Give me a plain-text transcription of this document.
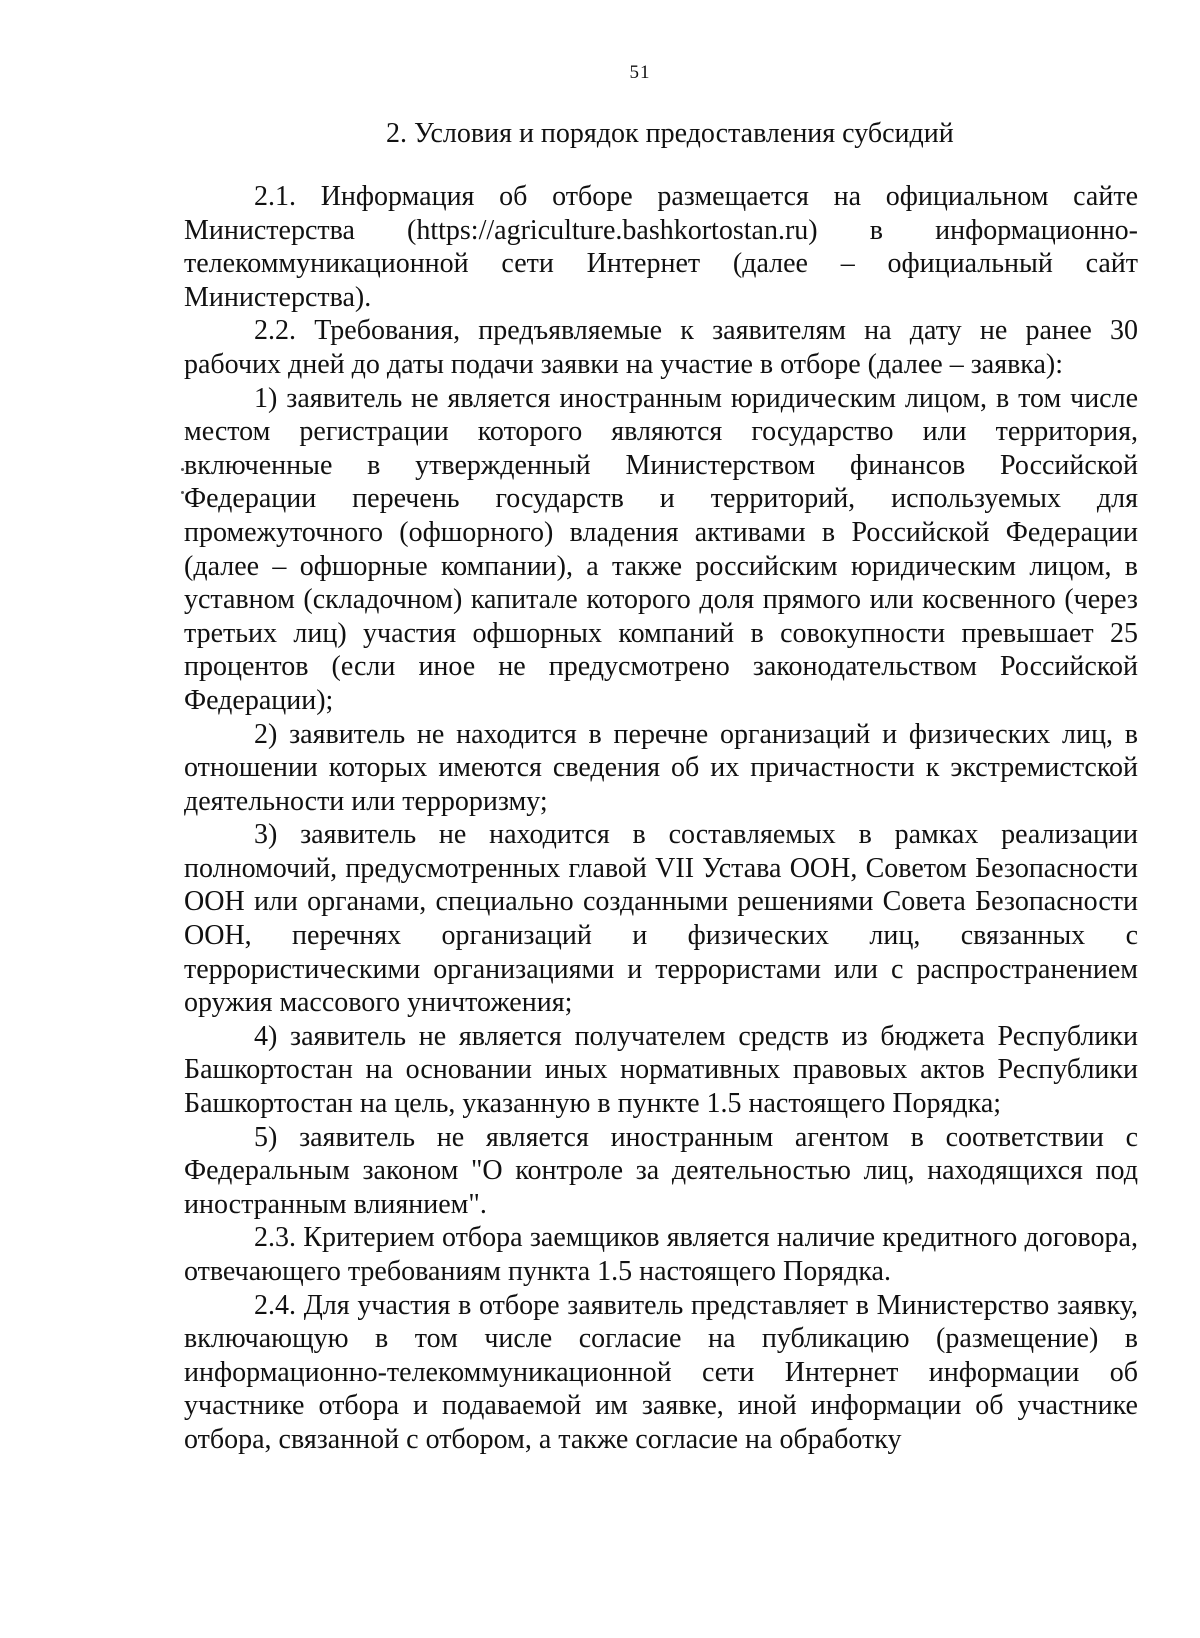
51
2. Условия и порядок предоставления субсидий

2.1. Информация об отборе размещается на официальном сайте Министерства (https://agriculture.bashkortostan.ru) в информационно-телекоммуникационной сети Интернет (далее – официальный сайт Министерства).

2.2. Требования, предъявляемые к заявителям на дату не ранее 30 рабочих дней до даты подачи заявки на участие в отборе (далее – заявка):

1) заявитель не является иностранным юридическим лицом, в том числе местом регистрации которого являются государство или территория, включенные в утвержденный Министерством финансов Российской Федерации перечень государств и территорий, используемых для промежуточного (офшорного) владения активами в Российской Федерации (далее – офшорные компании), а также российским юридическим лицом, в уставном (складочном) капитале которого доля прямого или косвенного (через третьих лиц) участия офшорных компаний в совокупности превышает 25 процентов (если иное не предусмотрено законодательством Российской Федерации);

2) заявитель не находится в перечне организаций и физических лиц, в отношении которых имеются сведения об их причастности к экстремистской деятельности или терроризму;

3) заявитель не находится в составляемых в рамках реализации полномочий, предусмотренных главой VII Устава ООН, Советом Безопасности ООН или органами, специально созданными решениями Совета Безопасности ООН, перечнях организаций и физических лиц, связанных с террористическими организациями и террористами или с распространением оружия массового уничтожения;

4) заявитель не является получателем средств из бюджета Республики Башкортостан на основании иных нормативных правовых актов Республики Башкортостан на цель, указанную в пункте 1.5 настоящего Порядка;

5) заявитель не является иностранным агентом в соответствии с Федеральным законом "О контроле за деятельностью лиц, находящихся под иностранным влиянием".

2.3. Критерием отбора заемщиков является наличие кредитного договора, отвечающего требованиям пункта 1.5 настоящего Порядка.

2.4. Для участия в отборе заявитель представляет в Министерство заявку, включающую в том числе согласие на публикацию (размещение) в информационно-телекоммуникационной сети Интернет информации об участнике отбора и подаваемой им заявке, иной информации об участнике отбора, связанной с отбором, а также согласие на обработку
